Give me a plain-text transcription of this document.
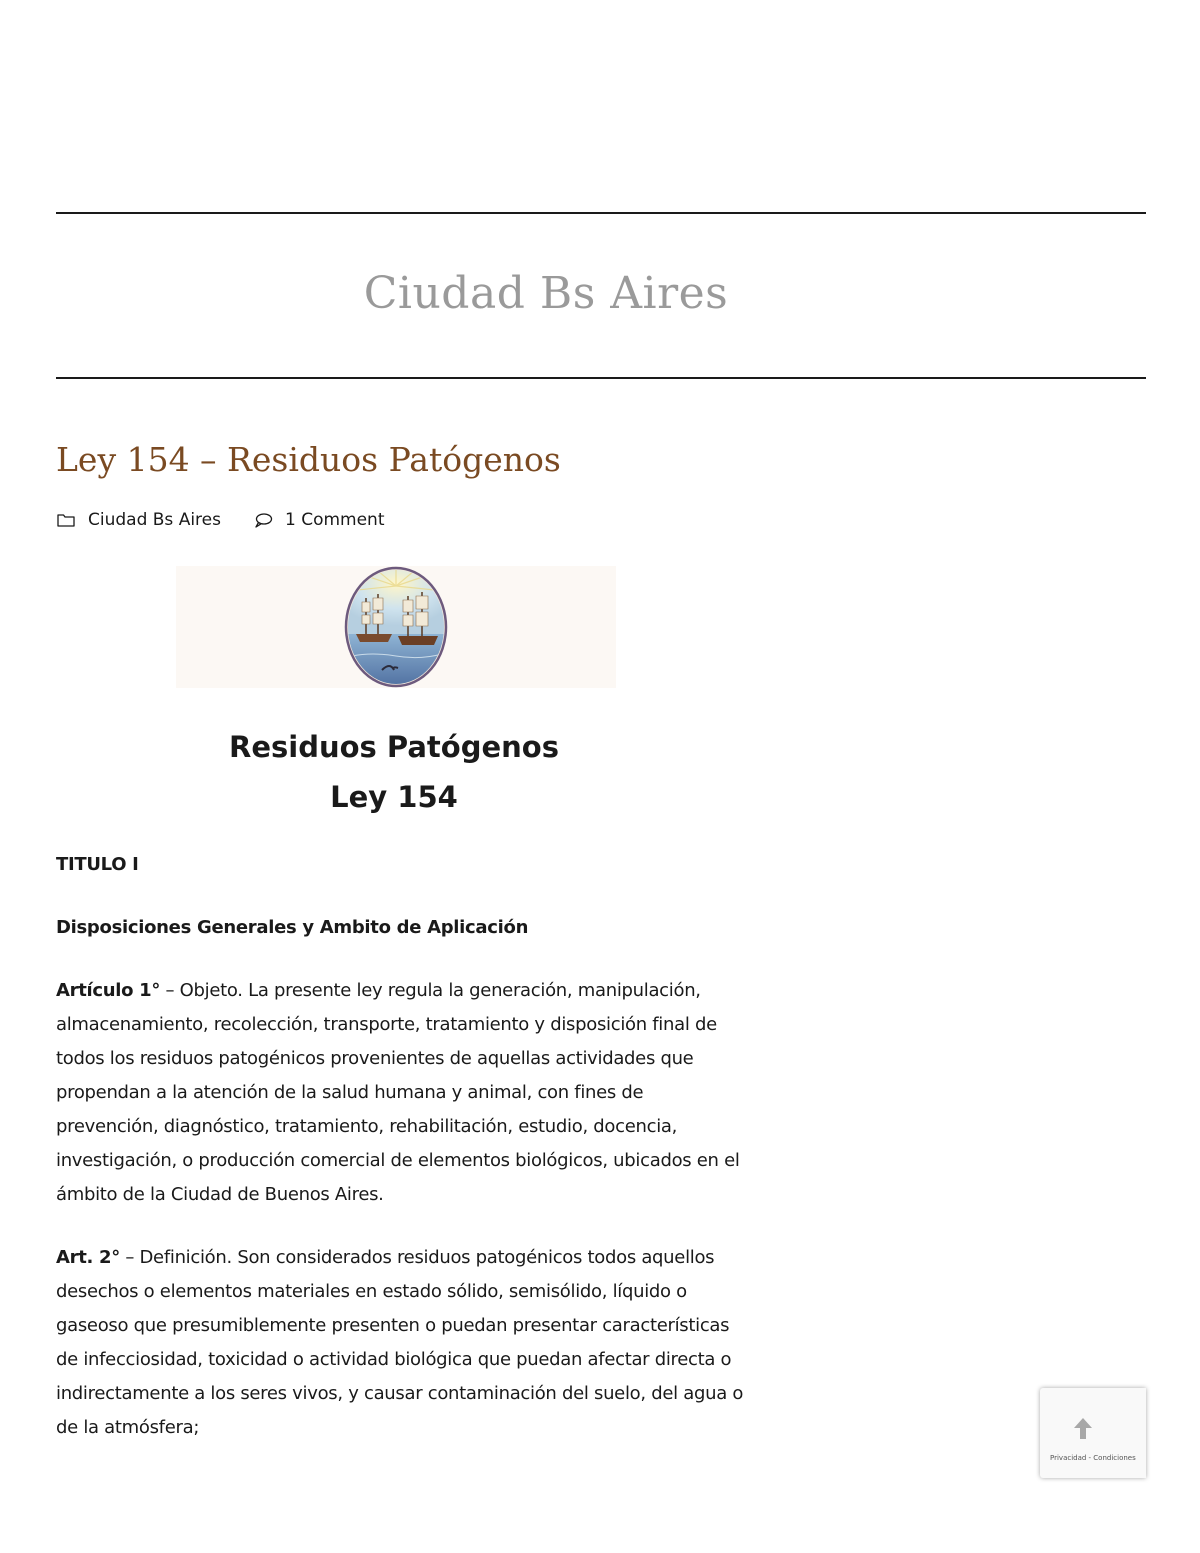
Ciudad Bs Aires
Ley 154 – Residuos Patógenos
Ciudad Bs Aires	1 Comment
Residuos Patógenos
Ley 154

TITULO I

Disposiciones Generales y Ambito de Aplicación

Artículo 1° – Objeto. La presente ley regula la generación, manipulación, almacenamiento, recolección, transporte, tratamiento y disposición final de todos los residuos patogénicos provenientes de aquellas actividades que propendan a la atención de la salud humana y animal, con fines de prevención, diagnóstico, tratamiento, rehabilitación, estudio, docencia, investigación, o producción comercial de elementos biológicos, ubicados en el ámbito de la Ciudad de Buenos Aires.

Art. 2° – Definición. Son considerados residuos patogénicos todos aquellos desechos o elementos materiales en estado sólido, semisólido, líquido o gaseoso que presumiblemente presenten o puedan presentar características de infecciosidad, toxicidad o actividad biológica que puedan afectar directa o indirectamente a los seres vivos, y causar contaminación del suelo, del agua o de la atmósfera;

Privacidad - Condiciones
